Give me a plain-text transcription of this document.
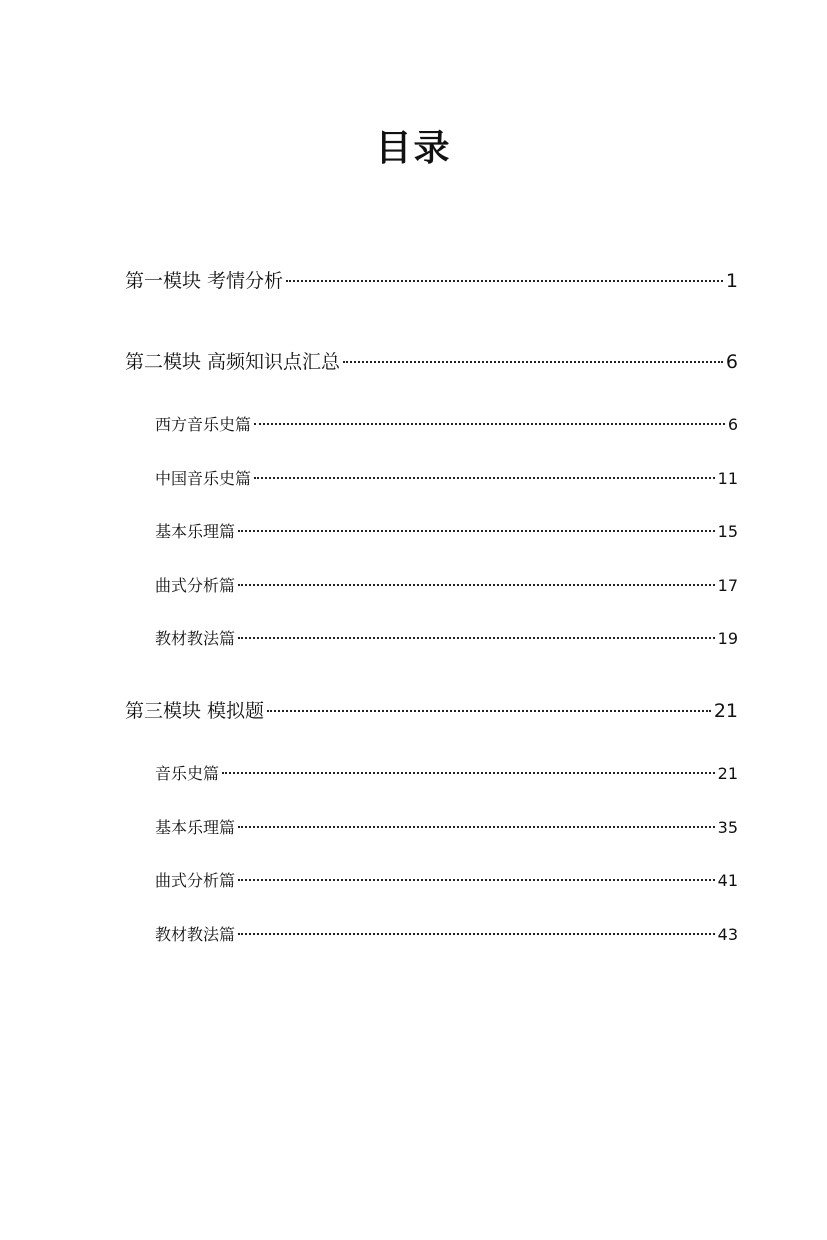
目录
第一模块 考情分析	1
第二模块 高频知识点汇总	6
西方音乐史篇	6
中国音乐史篇	11
基本乐理篇	15
曲式分析篇	17
教材教法篇	19
第三模块 模拟题	21
音乐史篇	21
基本乐理篇	35
曲式分析篇	41
教材教法篇	43
